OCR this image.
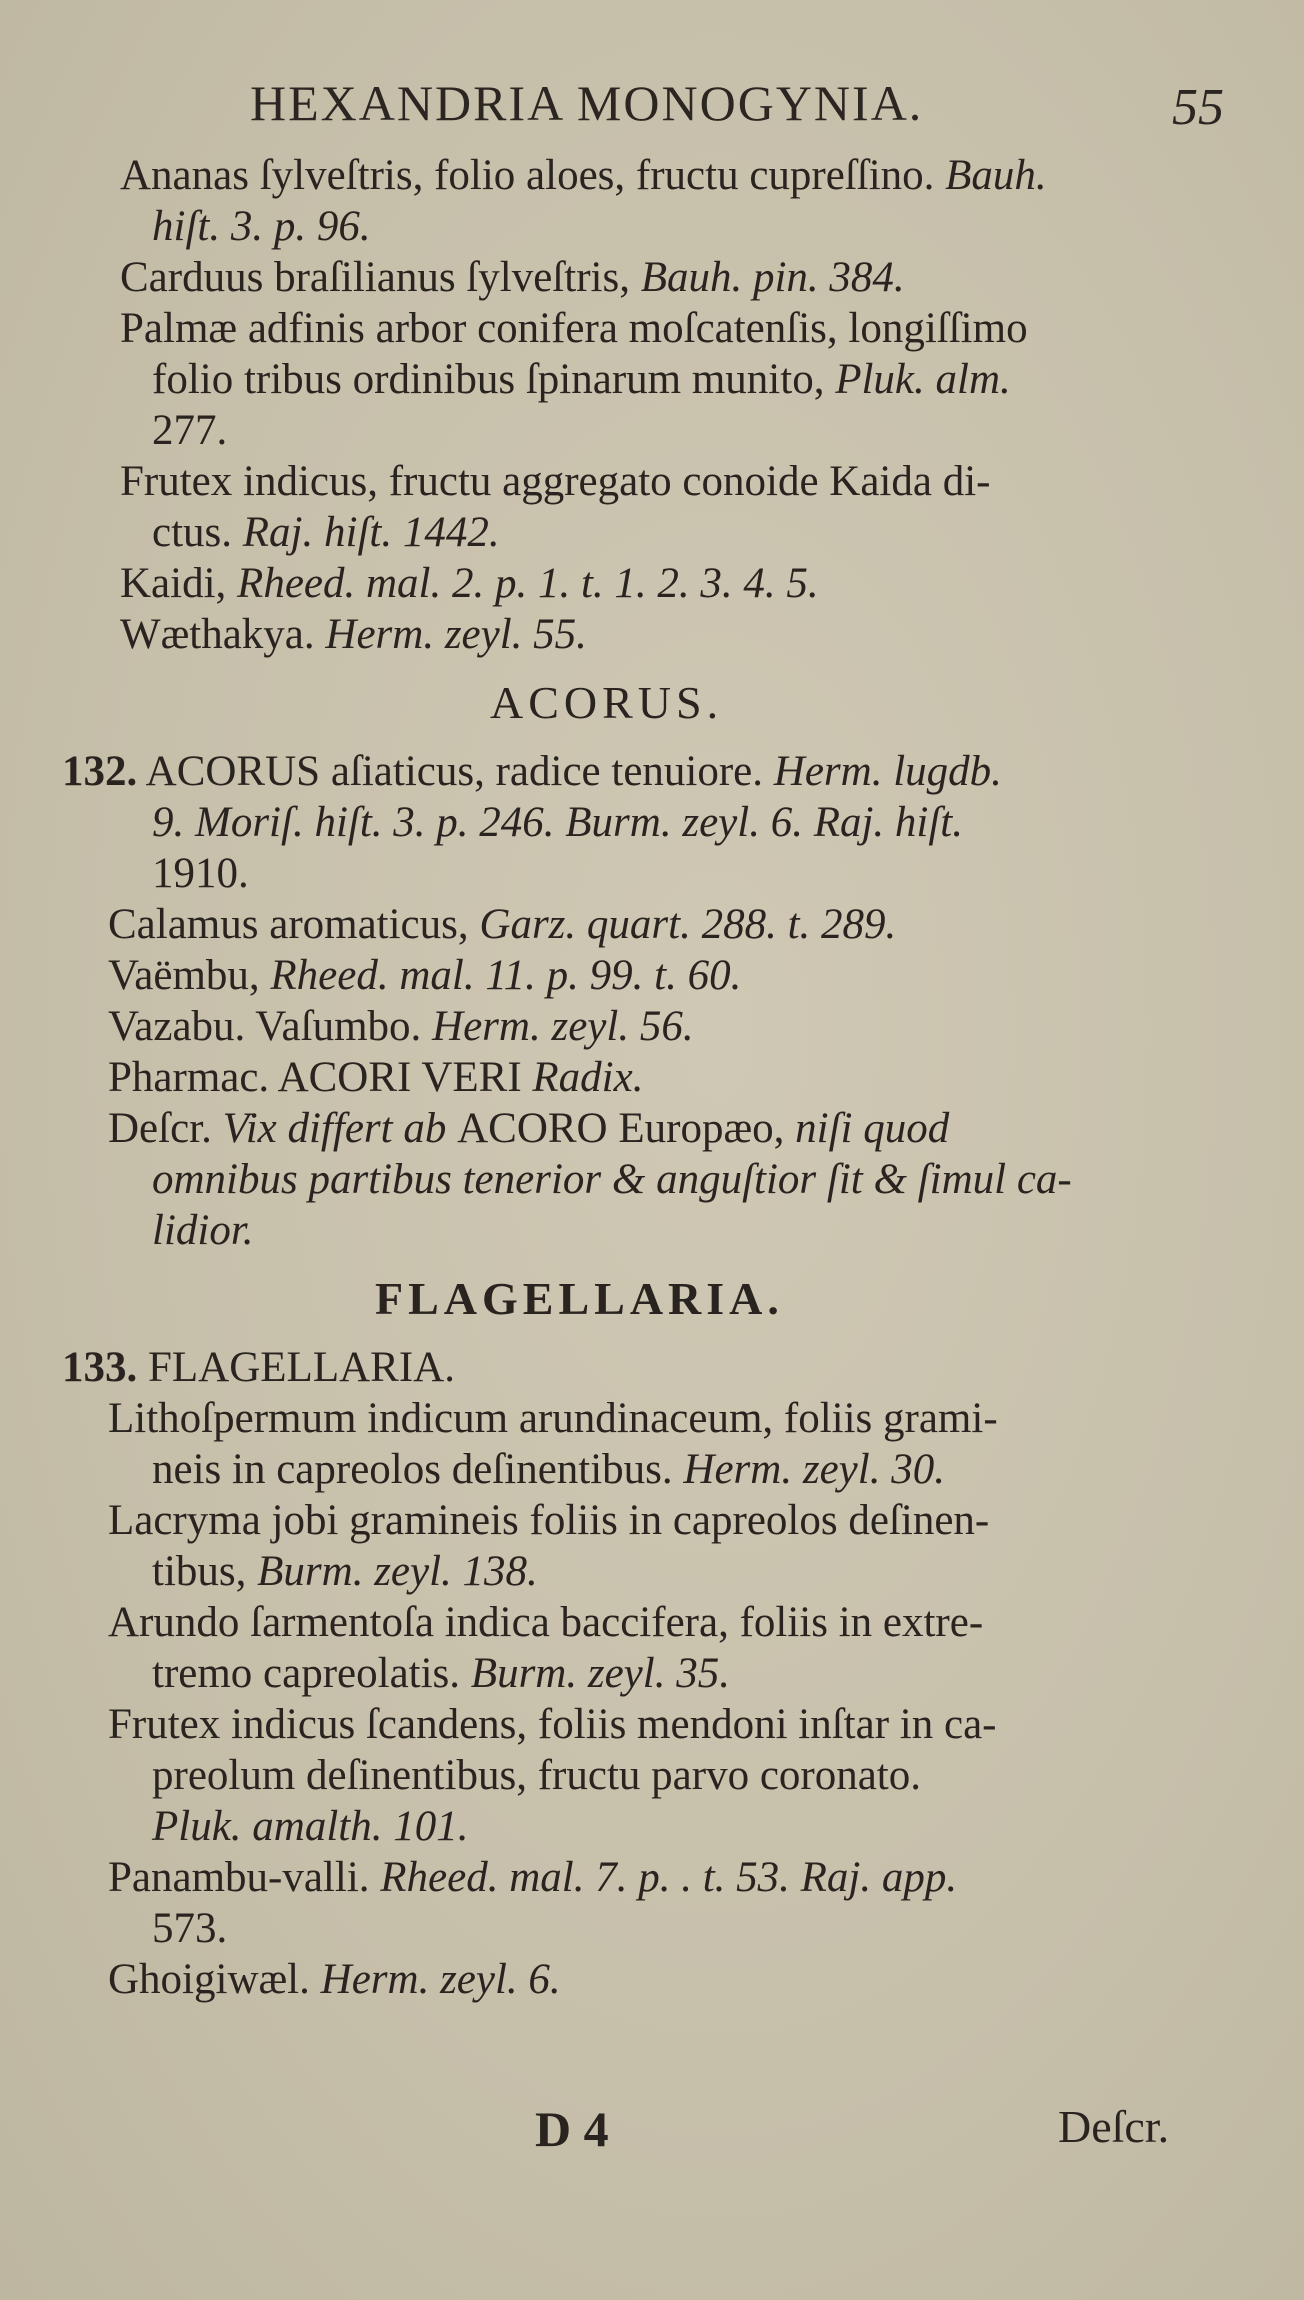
HEXANDRIA MONOGYNIA.	55
Ananas ſylveſtris, folio aloes, fructu cupreſſino. Bauh.
hiſt. 3. p. 96.
Carduus braſilianus ſylveſtris, Bauh. pin. 384.
Palmæ adfinis arbor conifera moſcatenſis, longiſſimo
folio tribus ordinibus ſpinarum munito, Pluk. alm.
277.
Frutex indicus, fructu aggregato conoide Kaida di-
ctus. Raj. hiſt. 1442.
Kaidi, Rheed. mal. 2. p. 1. t. 1. 2. 3. 4. 5.
Wæthakya. Herm. zeyl. 55.
ACORUS.
132. ACORUS aſiaticus, radice tenuiore. Herm. lugdb.
9. Moriſ. hiſt. 3. p. 246. Burm. zeyl. 6. Raj. hiſt.
1910.
Calamus aromaticus, Garz. quart. 288. t. 289.
Vaëmbu, Rheed. mal. 11. p. 99. t. 60.
Vazabu. Vaſumbo. Herm. zeyl. 56.
Pharmac. ACORI VERI Radix.
Deſcr. Vix differt ab ACORO Europæo, niſi quod
omnibus partibus tenerior & anguſtior ſit & ſimul ca-
lidior.
FLAGELLARIA.
133. FLAGELLARIA.
Lithoſpermum indicum arundinaceum, foliis grami-
neis in capreolos deſinentibus. Herm. zeyl. 30.
Lacryma jobi gramineis foliis in capreolos deſinen-
tibus, Burm. zeyl. 138.
Arundo ſarmentoſa indica baccifera, foliis in extre-
tremo capreolatis. Burm. zeyl. 35.
Frutex indicus ſcandens, foliis mendoni inſtar in ca-
preolum deſinentibus, fructu parvo coronato.
Pluk. amalth. 101.
Panambu-valli. Rheed. mal. 7. p. . t. 53. Raj. app.
573.
Ghoigiwæl. Herm. zeyl. 6.
D 4	Deſcr.
